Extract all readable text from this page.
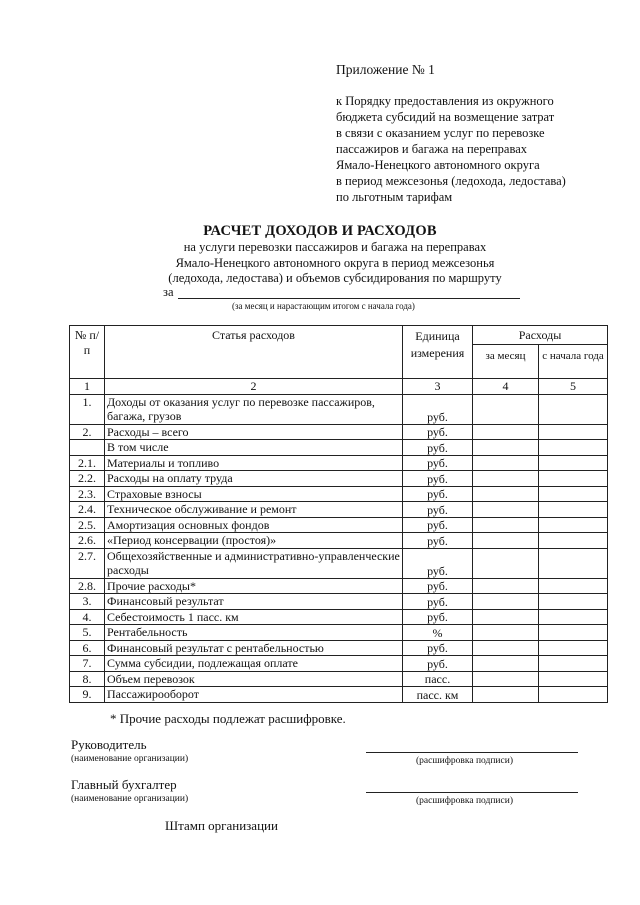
Приложение № 1
к Порядку предоставления из окружного
бюджета субсидий на возмещение затрат
в связи с оказанием услуг по перевозке
пассажиров и багажа на переправах
Ямало-Ненецкого автономного округа
в период межсезонья (ледохода, ледостава)
по льготным тарифам
РАСЧЕТ ДОХОДОВ И РАСХОДОВ
на услуги перевозки пассажиров и багажа на переправах
Ямало-Ненецкого автономного округа в период межсезонья
(ледохода, ледостава) и объемов субсидирования по маршруту
за
(за месяц и нарастающим итогом с начала года)
№ п/п	Статья расходов	Единица измерения	Расходы	
			за месяц	с начала года
1	2	3	4	5
1.	Доходы от оказания услуг по перевозке пассажиров, багажа, грузов	руб.		
2.	Расходы – всего	руб.		
	В том числе	руб.		
2.1.	Материалы и топливо	руб.		
2.2.	Расходы на оплату труда	руб.		
2.3.	Страховые взносы	руб.		
2.4.	Техническое обслуживание и ремонт	руб.		
2.5.	Амортизация основных фондов	руб.		
2.6.	«Период консервации (простоя)»	руб.		
2.7.	Общехозяйственные и административно-управленческие расходы	руб.		
2.8.	Прочие расходы*	руб.		
3.	Финансовый результат	руб.		
4.	Себестоимость 1 пасс. км	руб.		
5.	Рентабельность	%		
6.	Финансовый результат с рентабельностью	руб.		
7.	Сумма субсидии, подлежащая оплате	руб.		
8.	Объем перевозок	пасс.		
9.	Пассажирооборот	пасс. км		
* Прочие расходы подлежат расшифровке.
Руководитель
(наименование организации)	(расшифровка подписи)
Главный бухгалтер
(наименование организации)	(расшифровка подписи)
Штамп организации
